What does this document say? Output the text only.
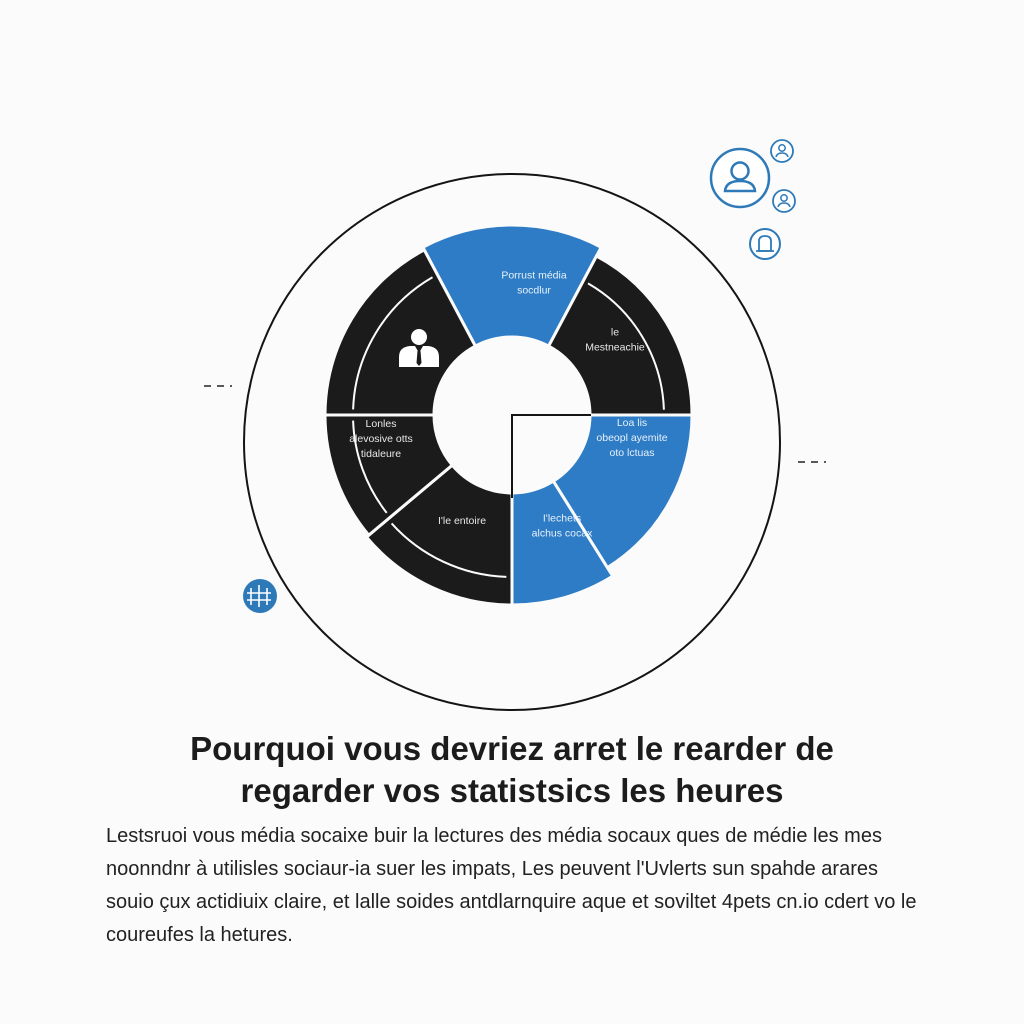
Porrust média
socdlur
le
Mestneachie
Loa lis
obeopl ayemite
oto lctuas
I'lechets
alchus cocax
I'le entoire
Lonles
alevosive otts
tidaleure
Pourquoi vous devriez arret le rearder de
regarder vos statistsics les heures

Lestsruoi vous média socaixe buir la lectures des média socaux ques de médie les mes
noonndnr à utilisles sociaur-ia suer les impats, Les peuvent l'Uvlerts sun spahde arares
souio çux actidiuix claire, et lalle soides antdlarnquire aque et soviltet 4pets cn.io cdert vo le
coureufes la hetures.
